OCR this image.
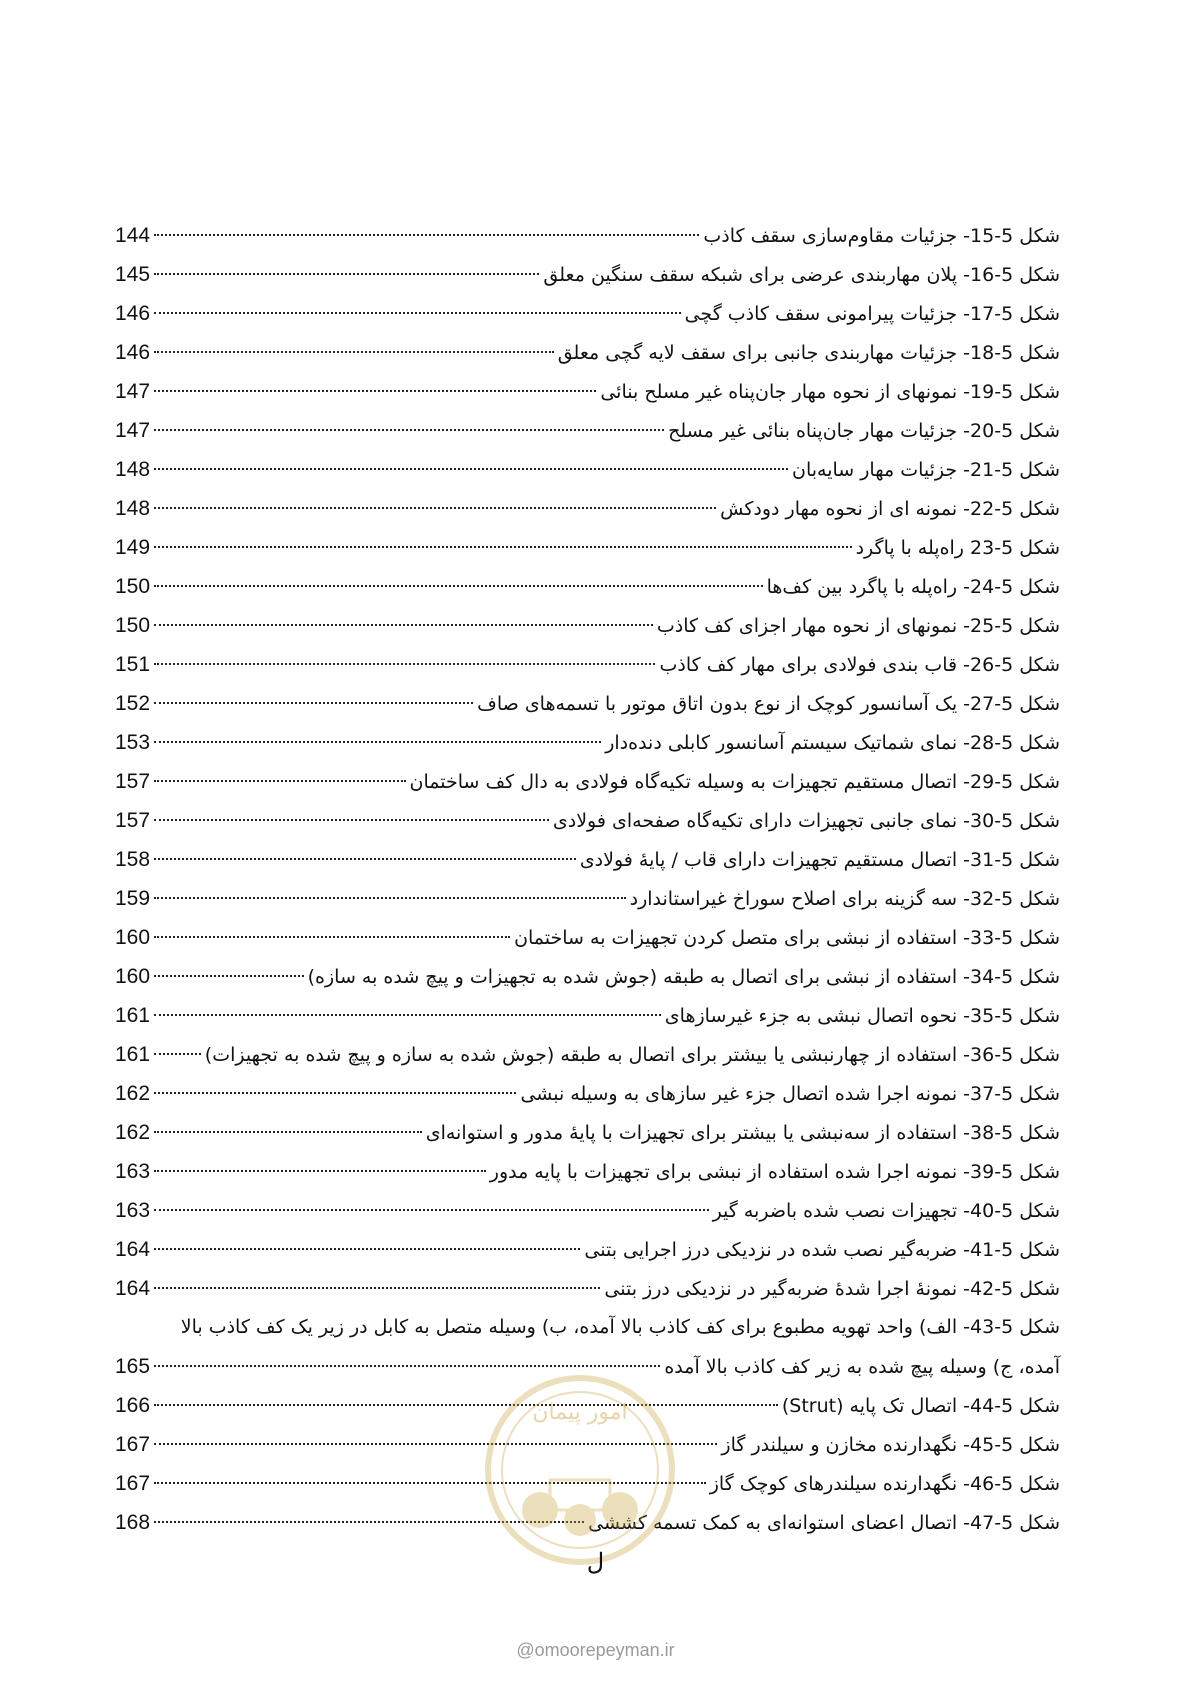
شکل 5-15- جزئیات مقاوم‌سازی سقف کاذب
144
شکل 5-16- پلان مهاربندی عرضی برای شبکه سقف سنگین معلق
145
شکل 5-17- جزئیات پیرامونی سقف کاذب گچی
146
شکل 5-18- جزئیات مهاربندی جانبی برای سقف لایه گچی معلق
146
شکل 5-19- نمونهای از نحوه مهار جان‌پناه غیر مسلح بنائی
147
شکل 5-20- جزئیات مهار جان‌پناه بنائی غیر مسلح
147
شکل 5-21- جزئیات مهار سایه‌بان
148
شکل 5-22- نمونه ای از نحوه مهار دودکش
148
شکل 5-23 راه‌پله با پاگرد
149
شکل 5-24- راه‌پله با پاگرد بین کف‌ها
150
شکل 5-25- نمونهای از نحوه مهار اجزای کف کاذب
150
شکل 5-26- قاب بندی فولادی برای مهار کف کاذب
151
شکل 5-27- یک آسانسور کوچک از نوع بدون اتاق موتور با تسمه‌های صاف
152
شکل 5-28- نمای شماتیک سیستم آسانسور کابلی دنده‌دار
153
شکل 5-29- اتصال مستقیم تجهیزات به وسیله تکیه‌گاه فولادی به دال کف ساختمان
157
شکل 5-30- نمای جانبی تجهیزات دارای تکیه‌گاه صفحه‌ای فولادی
157
شکل 5-31- اتصال مستقیم تجهیزات دارای قاب / پایهٔ فولادی
158
شکل 5-32- سه گزینه برای اصلاح سوراخ غیراستاندارد
159
شکل 5-33- استفاده از نبشی برای متصل کردن تجهیزات به ساختمان
160
شکل 5-34- استفاده از نبشی برای اتصال به طبقه (جوش شده به تجهیزات و پیچ شده به سازه)
160
شکل 5-35- نحوه اتصال نبشی به جزء غیرسازهای
161
شکل 5-36- استفاده از چهارنبشی یا بیشتر برای اتصال به طبقه (جوش شده به سازه و پیچ شده به تجهیزات)
161
شکل 5-37- نمونه اجرا شده اتصال جزء غیر سازهای به وسیله نبشی
162
شکل 5-38- استفاده از سه‌نبشی یا بیشتر برای تجهیزات با پایهٔ مدور و استوانه‌ای
162
شکل 5-39- نمونه اجرا شده استفاده از نبشی برای تجهیزات با پایه مدور
163
شکل 5-40- تجهیزات نصب شده باضربه گیر
163
شکل 5-41- ضربه‌گیر نصب شده در نزدیکی درز اجرایی بتنی
164
شکل 5-42- نمونهٔ اجرا شدهٔ ضربه‌گیر در نزدیکی درز بتنی
164
شکل 5-43- الف) واحد تهویه مطبوع برای کف کاذب بالا آمده، ب) وسیله متصل به کابل در زیر یک کف کاذب بالا
آمده، ج) وسیله پیچ شده به زیر کف کاذب بالا آمده
165
شکل 5-44- اتصال تک پایه (Strut)
166
شکل 5-45- نگهدارنده مخازن و سیلندر گاز
167
شکل 5-46- نگهدارنده سیلندرهای کوچک گاز
167
شکل 5-47- اتصال اعضای استوانه‌ای به کمک تسمه کششی
168
امور پیمان
ل
@omoorepeyman.ir
